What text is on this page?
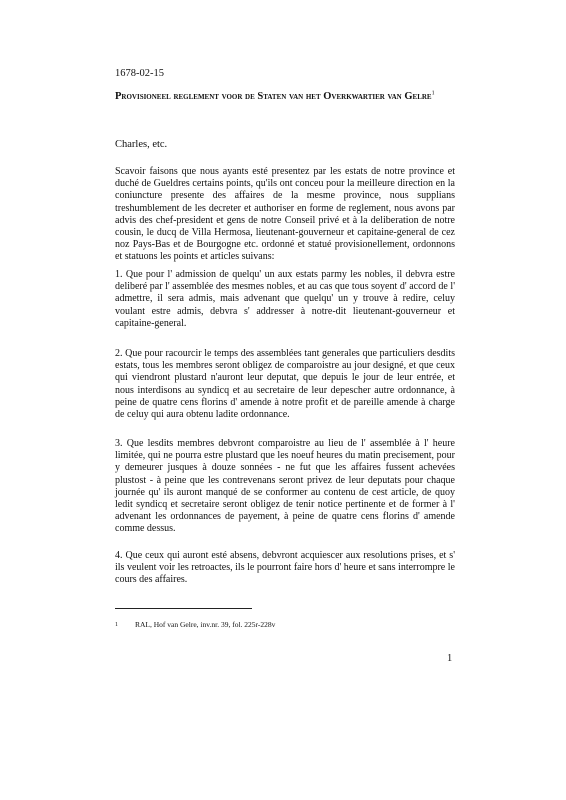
1678-02-15
Provisioneel reglement voor de Staten van het Overkwartier van Gelre$^1$
Charles, etc.

Scavoir faisons que nous ayants esté presentez par les estats de notre province et duché de Gueldres certains points, qu'ils ont conceu pour la meilleure direction en la coniuncture presente des affaires de la mesme province, nous supplians treshumblement de les decreter et authoriser en forme de reglement, nous avons par advis des chef-president et gens de notre Conseil privé et à la deliberation de notre cousin, le ducq de Villa Hermosa, lieutenant-gouverneur et capitaine-general de cez noz Pays-Bas et de Bourgogne etc. ordonné et statué provisionellement, ordonnons et statuons les points et articles suivans:

1. Que pour l' admission de quelqu' un aux estats parmy les nobles, il debvra estre deliberé par l' assemblée des mesmes nobles, et au cas que tous soyent d' accord de l' admettre, il sera admis, mais advenant que quelqu' un y trouve à redire, celuy voulant estre admis, debvra s' addresser à notre-dit lieutenant-gouverneur et capitaine-general.

2. Que pour racourcir le temps des assemblées tant generales que particuliers desdits estats, tous les membres seront obligez de comparoistre au jour designé, et que ceux qui viendront plustard n'auront leur deputat, que depuis le jour de leur entrée, et nous interdisons au syndicq et au secretaire de leur depescher autre ordonnance, à peine de quatre cens florins d' amende à notre profit et de pareille amende à charge de celuy qui aura obtenu ladite ordonnance.

3. Que lesdits membres debvront comparoistre au lieu de l' assemblée à l' heure limitée, qui ne pourra estre plustard que les noeuf heures du matin precisement, pour y demeurer jusques à douze sonnées - ne fut que les affaires fussent achevées plustost - à peine que les contrevenans seront privez de leur deputats pour chaque journée qu' ils auront manqué de se conformer au contenu de cest article, de quoy ledit syndicq et secretaire seront obligez de tenir notice pertinente et de former à l' advenant les ordonnances de payement, à peine de quatre cens florins d' amende comme dessus.

4. Que ceux qui auront esté absens, debvront acquiescer aux resolutions prises, et s' ils veulent voir les retroactes, ils le pourront faire hors d' heure et sans interrompre le cours des affaires.

1 RAL, Hof van Gelre, inv.nr. 39, fol. 225r-228v
1
